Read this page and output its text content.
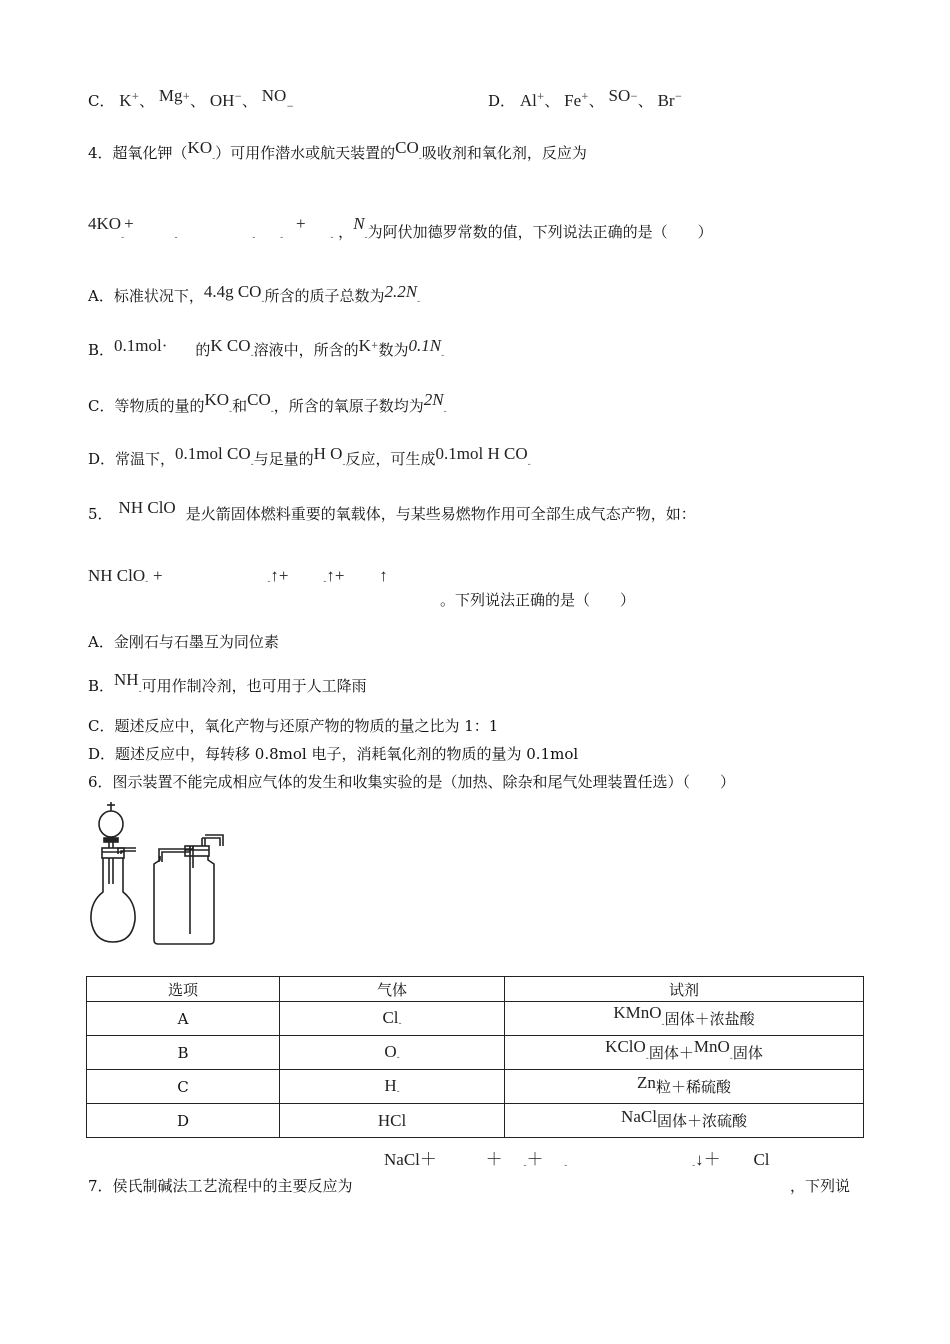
C． K+、 Mg+、 OH−、 $NO_-$	D． Al+、 Fe+、 SO−、 Br−
4．超氧化钾$(KO_-)$可用作潜水或航天装置的$CO_-$吸收剂和氧化剂，反应为
$4KO_-+ _-$	$_-$	$_-$ + $_-$ ，$N_-$为阿伏加德罗常数的值，下列说法正确的是（　　）
A．标准状况下，4.4g $CO_-$所含的质子总数为$2.2N_-$
B．0.1mol· 的K $CO_-$溶液中，所含的K+数为$0.1N_-$
C．等物质的量的$KO_-$和$CO_-$，所含的氧原子数均为$2N_-$
D．常温下，0.1mol $CO_-$与足量的H $O_-$反应，可生成0.1mol H $CO_-$
5． NH ClO 是火箭固体燃料重要的氧载体，与某些易燃物作用可全部生成气态产物，如：
NH ClO$_-$ +	$_-$↑+	$_-$↑+ ↑
。下列说法正确的是（　　）
A．金刚石与石墨互为同位素
B．$NH_-$可用作制冷剂，也可用于人工降雨
C．题述反应中，氧化产物与还原产物的物质的量之比为 1：1
D．题述反应中，每转移 0.8mol 电子，消耗氧化剂的物质的量为 0.1mol
6．图示装置不能完成相应气体的发生和收集实验的是（加热、除杂和尾气处理装置任选）（　　）
选项	气体	试剂
A	$Cl_-$	KMnO$_-$固体＋浓盐酸
B	$O_-$	KClO$_-$固体＋MnO$_-$固体
C	$H_-$	Zn粒＋稀硫酸
D	HCl	NaCl固体＋浓硫酸
NaCl＋	＋ $_-$＋ $_-$	$_-$↓＋ Cl
7．侯氏制碱法工艺流程中的主要反应为	，下列说
